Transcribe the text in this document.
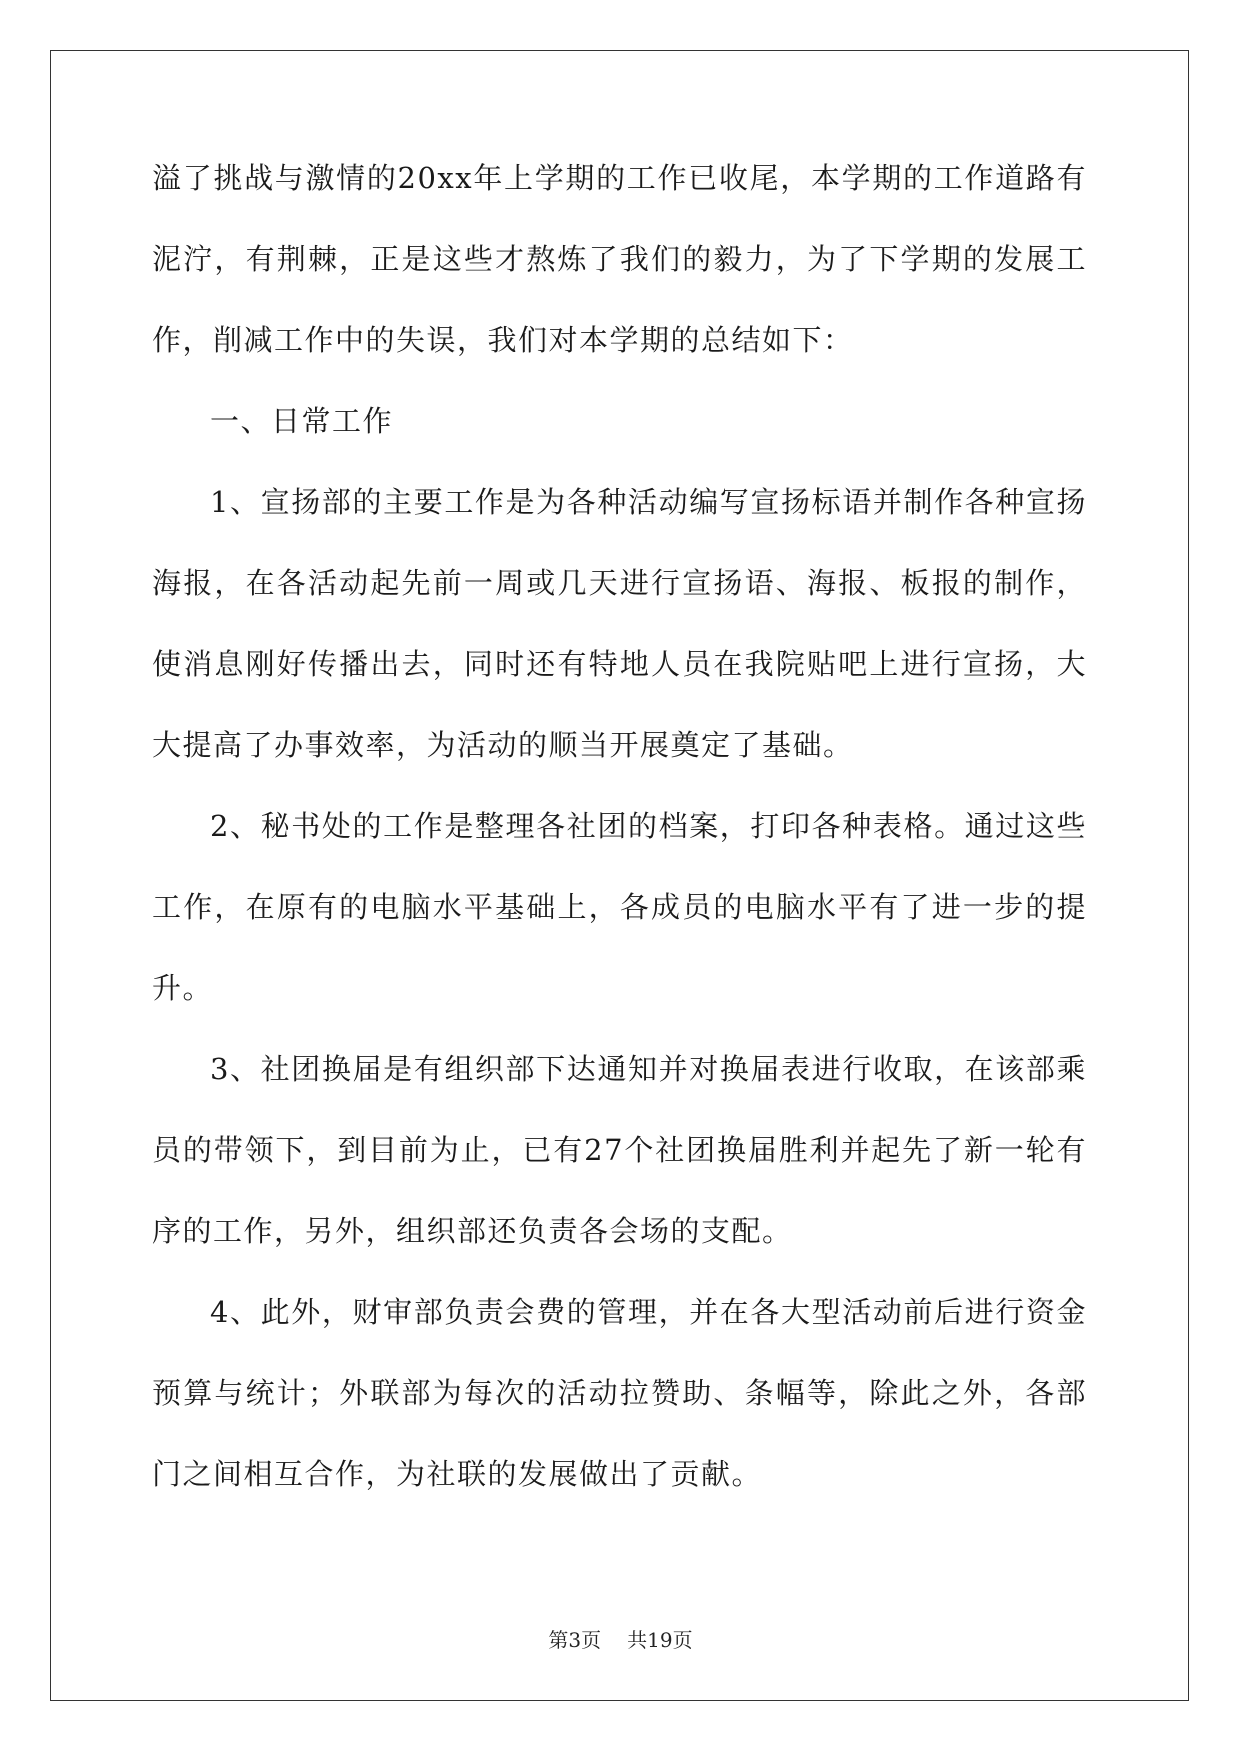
溢了挑战与激情的20xx年上学期的工作已收尾，本学期的工作道路有
泥泞，有荆棘，正是这些才熬炼了我们的毅力，为了下学期的发展工
作，削减工作中的失误，我们对本学期的总结如下：
一、日常工作
1、宣扬部的主要工作是为各种活动编写宣扬标语并制作各种宣扬
海报，在各活动起先前一周或几天进行宣扬语、海报、板报的制作，
使消息刚好传播出去，同时还有特地人员在我院贴吧上进行宣扬，大
大提高了办事效率，为活动的顺当开展奠定了基础。
2、秘书处的工作是整理各社团的档案，打印各种表格。通过这些
工作，在原有的电脑水平基础上，各成员的电脑水平有了进一步的提
升。
3、社团换届是有组织部下达通知并对换届表进行收取，在该部乘
员的带领下，到目前为止，已有27个社团换届胜利并起先了新一轮有
序的工作，另外，组织部还负责各会场的支配。
4、此外，财审部负责会费的管理，并在各大型活动前后进行资金
预算与统计；外联部为每次的活动拉赞助、条幅等，除此之外，各部
门之间相互合作，为社联的发展做出了贡献。
第3页 共19页
